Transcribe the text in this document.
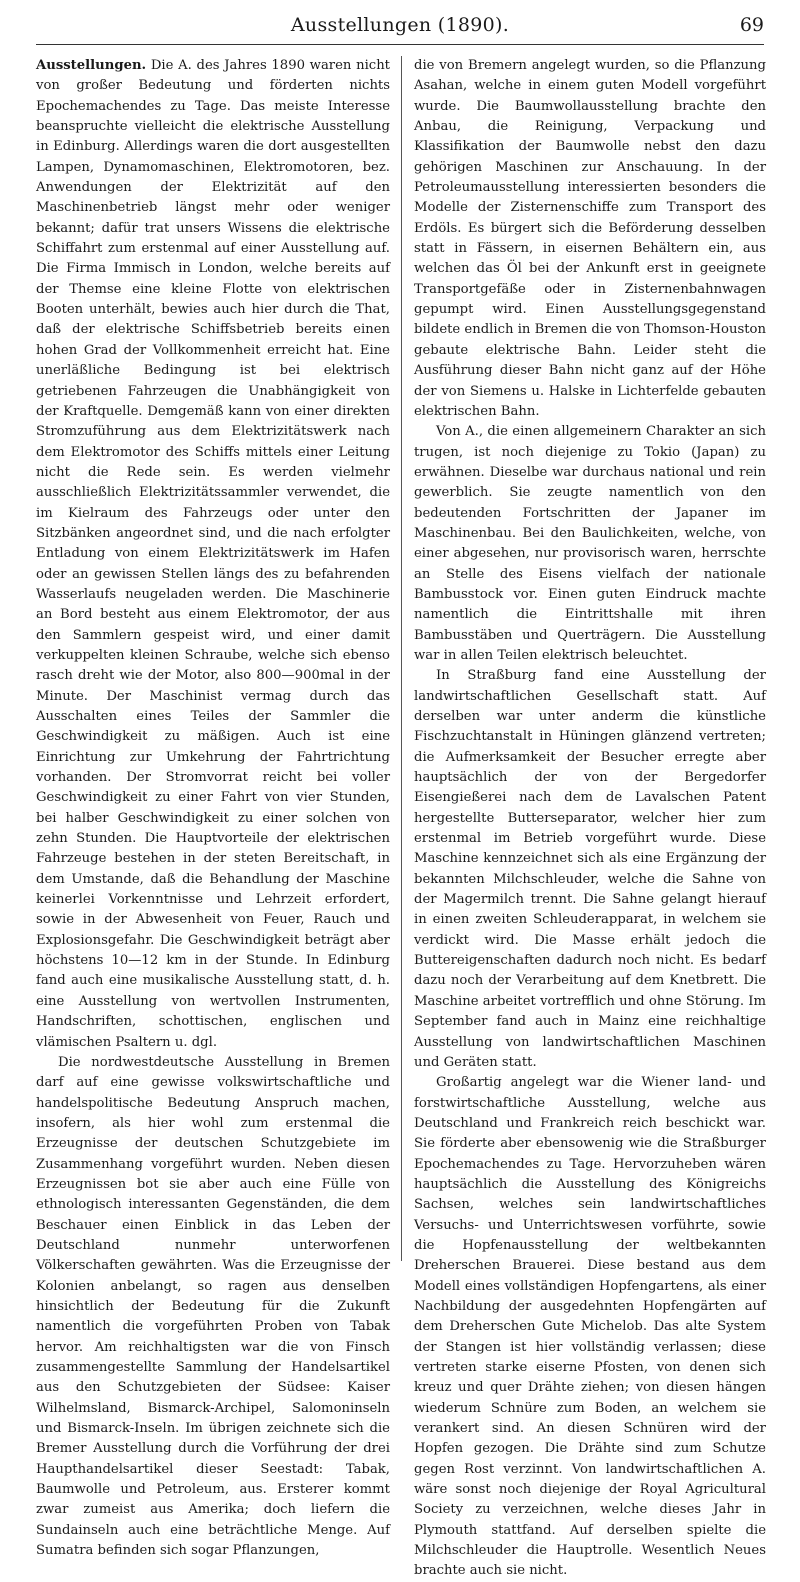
Ausstellungen (1890).	69

Ausstellungen. Die A. des Jahres 1890 waren nicht von großer Bedeutung und förderten nichts Epochemachendes zu Tage. Das meiste Interesse beanspruchte vielleicht die elektrische Ausstellung in Edinburg. Allerdings waren die dort ausgestellten Lampen, Dynamomaschinen, Elektromotoren, bez. Anwendungen der Elektrizität auf den Maschinenbetrieb längst mehr oder weniger bekannt; dafür trat unsers Wissens die elektrische Schiffahrt zum erstenmal auf einer Ausstellung auf. Die Firma Immisch in London, welche bereits auf der Themse eine kleine Flotte von elektrischen Booten unterhält, bewies auch hier durch die That, daß der elektrische Schiffsbetrieb bereits einen hohen Grad der Vollkommenheit erreicht hat. Eine unerläßliche Bedingung ist bei elektrisch getriebenen Fahrzeugen die Unabhängigkeit von der Kraftquelle. Demgemäß kann von einer direkten Stromzuführung aus dem Elektrizitätswerk nach dem Elektromotor des Schiffs mittels einer Leitung nicht die Rede sein. Es werden vielmehr ausschließlich Elektrizitätssammler verwendet, die im Kielraum des Fahrzeugs oder unter den Sitzbänken angeordnet sind, und die nach erfolgter Entladung von einem Elektrizitätswerk im Hafen oder an gewissen Stellen längs des zu befahrenden Wasserlaufs neugeladen werden. Die Maschinerie an Bord besteht aus einem Elektromotor, der aus den Sammlern gespeist wird, und einer damit verkuppelten kleinen Schraube, welche sich ebenso rasch dreht wie der Motor, also 800—900mal in der Minute. Der Maschinist vermag durch das Ausschalten eines Teiles der Sammler die Geschwindigkeit zu mäßigen. Auch ist eine Einrichtung zur Umkehrung der Fahrtrichtung vorhanden. Der Stromvorrat reicht bei voller Geschwindigkeit zu einer Fahrt von vier Stunden, bei halber Geschwindigkeit zu einer solchen von zehn Stunden. Die Hauptvorteile der elektrischen Fahrzeuge bestehen in der steten Bereitschaft, in dem Umstande, daß die Behandlung der Maschine keinerlei Vorkenntnisse und Lehrzeit erfordert, sowie in der Abwesenheit von Feuer, Rauch und Explosionsgefahr. Die Geschwindigkeit beträgt aber höchstens 10—12 km in der Stunde. In Edinburg fand auch eine musikalische Ausstellung statt, d. h. eine Ausstellung von wertvollen Instrumenten, Handschriften, schottischen, englischen und vlämischen Psaltern u. dgl.

Die nordwestdeutsche Ausstellung in Bremen darf auf eine gewisse volkswirtschaftliche und handelspolitische Bedeutung Anspruch machen, insofern, als hier wohl zum erstenmal die Erzeugnisse der deutschen Schutzgebiete im Zusammenhang vorgeführt wurden. Neben diesen Erzeugnissen bot sie aber auch eine Fülle von ethnologisch interessanten Gegenständen, die dem Beschauer einen Einblick in das Leben der Deutschland nunmehr unterworfenen Völkerschaften gewährten. Was die Erzeugnisse der Kolonien anbelangt, so ragen aus denselben hinsichtlich der Bedeutung für die Zukunft namentlich die vorgeführten Proben von Tabak hervor. Am reichhaltigsten war die von Finsch zusammengestellte Sammlung der Handelsartikel aus den Schutzgebieten der Südsee: Kaiser Wilhelmsland, Bismarck-Archipel, Salomoninseln und Bismarck-Inseln. Im übrigen zeichnete sich die Bremer Ausstellung durch die Vorführung der drei Haupthandelsartikel dieser Seestadt: Tabak, Baumwolle und Petroleum, aus. Ersterer kommt zwar zumeist aus Amerika; doch liefern die Sundainseln auch eine beträchtliche Menge. Auf Sumatra befinden sich sogar Pflanzungen,

die von Bremern angelegt wurden, so die Pflanzung Asahan, welche in einem guten Modell vorgeführt wurde. Die Baumwollausstellung brachte den Anbau, die Reinigung, Verpackung und Klassifikation der Baumwolle nebst den dazu gehörigen Maschinen zur Anschauung. In der Petroleumausstellung interessierten besonders die Modelle der Zisternenschiffe zum Transport des Erdöls. Es bürgert sich die Beförderung desselben statt in Fässern, in eisernen Behältern ein, aus welchen das Öl bei der Ankunft erst in geeignete Transportgefäße oder in Zisternenbahnwagen gepumpt wird. Einen Ausstellungsgegenstand bildete endlich in Bremen die von Thomson-Houston gebaute elektrische Bahn. Leider steht die Ausführung dieser Bahn nicht ganz auf der Höhe der von Siemens u. Halske in Lichterfelde gebauten elektrischen Bahn.

Von A., die einen allgemeinern Charakter an sich trugen, ist noch diejenige zu Tokio (Japan) zu erwähnen. Dieselbe war durchaus national und rein gewerblich. Sie zeugte namentlich von den bedeutenden Fortschritten der Japaner im Maschinenbau. Bei den Baulichkeiten, welche, von einer abgesehen, nur provisorisch waren, herrschte an Stelle des Eisens vielfach der nationale Bambusstock vor. Einen guten Eindruck machte namentlich die Eintrittshalle mit ihren Bambusstäben und Querträgern. Die Ausstellung war in allen Teilen elektrisch beleuchtet.

In Straßburg fand eine Ausstellung der landwirtschaftlichen Gesellschaft statt. Auf derselben war unter anderm die künstliche Fischzuchtanstalt in Hüningen glänzend vertreten; die Aufmerksamkeit der Besucher erregte aber hauptsächlich der von der Bergedorfer Eisengießerei nach dem de Lavalschen Patent hergestellte Butterseparator, welcher hier zum erstenmal im Betrieb vorgeführt wurde. Diese Maschine kennzeichnet sich als eine Ergänzung der bekannten Milchschleuder, welche die Sahne von der Magermilch trennt. Die Sahne gelangt hierauf in einen zweiten Schleuderapparat, in welchem sie verdickt wird. Die Masse erhält jedoch die Buttereigenschaften dadurch noch nicht. Es bedarf dazu noch der Verarbeitung auf dem Knetbrett. Die Maschine arbeitet vortrefflich und ohne Störung. Im September fand auch in Mainz eine reichhaltige Ausstellung von landwirtschaftlichen Maschinen und Geräten statt.

Großartig angelegt war die Wiener land- und forstwirtschaftliche Ausstellung, welche aus Deutschland und Frankreich reich beschickt war. Sie förderte aber ebensowenig wie die Straßburger Epochemachendes zu Tage. Hervorzuheben wären hauptsächlich die Ausstellung des Königreichs Sachsen, welches sein landwirtschaftliches Versuchs- und Unterrichtswesen vorführte, sowie die Hopfenausstellung der weltbekannten Dreherschen Brauerei. Diese bestand aus dem Modell eines vollständigen Hopfengartens, als einer Nachbildung der ausgedehnten Hopfengärten auf dem Dreherschen Gute Michelob. Das alte System der Stangen ist hier vollständig verlassen; diese vertreten starke eiserne Pfosten, von denen sich kreuz und quer Drähte ziehen; von diesen hängen wiederum Schnüre zum Boden, an welchem sie verankert sind. An diesen Schnüren wird der Hopfen gezogen. Die Drähte sind zum Schutze gegen Rost verzinnt. Von landwirtschaftlichen A. wäre sonst noch diejenige der Royal Agricultural Society zu verzeichnen, welche dieses Jahr in Plymouth stattfand. Auf derselben spielte die Milchschleuder die Hauptrolle. Wesentlich Neues brachte auch sie nicht.
